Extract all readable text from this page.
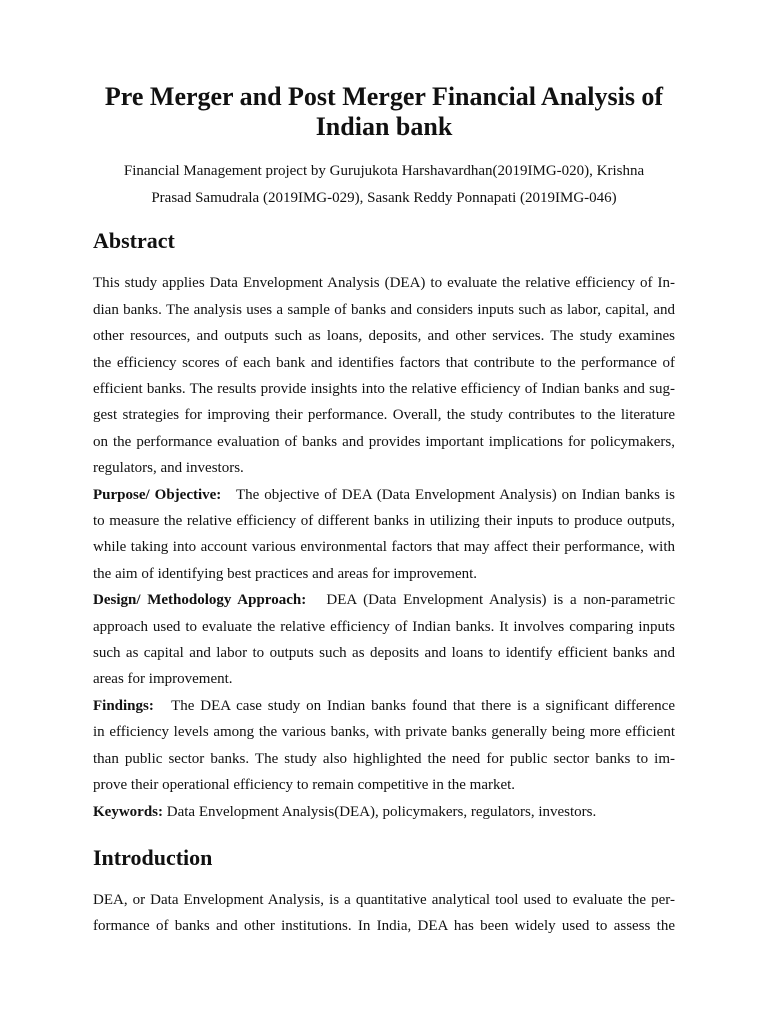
Pre Merger and Post Merger Financial Analysis of
Indian bank

Financial Management project by Gurujukota Harshavardhan(2019IMG-020), Krishna
Prasad Samudrala (2019IMG-029), Sasank Reddy Ponnapati (2019IMG-046)

Abstract

This study applies Data Envelopment Analysis (DEA) to evaluate the relative efficiency of In-

dian banks. The analysis uses a sample of banks and considers inputs such as labor, capital, and

other resources, and outputs such as loans, deposits, and other services. The study examines

the efficiency scores of each bank and identifies factors that contribute to the performance of

efficient banks. The results provide insights into the relative efficiency of Indian banks and sug-

gest strategies for improving their performance. Overall, the study contributes to the literature

on the performance evaluation of banks and provides important implications for policymakers,

regulators, and investors.

Purpose/ Objective: The objective of DEA (Data Envelopment Analysis) on Indian banks is

to measure the relative efficiency of different banks in utilizing their inputs to produce outputs,

while taking into account various environmental factors that may affect their performance, with

the aim of identifying best practices and areas for improvement.

Design/ Methodology Approach: DEA (Data Envelopment Analysis) is a non-parametric

approach used to evaluate the relative efficiency of Indian banks. It involves comparing inputs

such as capital and labor to outputs such as deposits and loans to identify efficient banks and

areas for improvement.

Findings: The DEA case study on Indian banks found that there is a significant difference

in efficiency levels among the various banks, with private banks generally being more efficient

than public sector banks. The study also highlighted the need for public sector banks to im-

prove their operational efficiency to remain competitive in the market.

Keywords: Data Envelopment Analysis(DEA), policymakers, regulators, investors.

Introduction

DEA, or Data Envelopment Analysis, is a quantitative analytical tool used to evaluate the per-

formance of banks and other institutions. In India, DEA has been widely used to assess the
